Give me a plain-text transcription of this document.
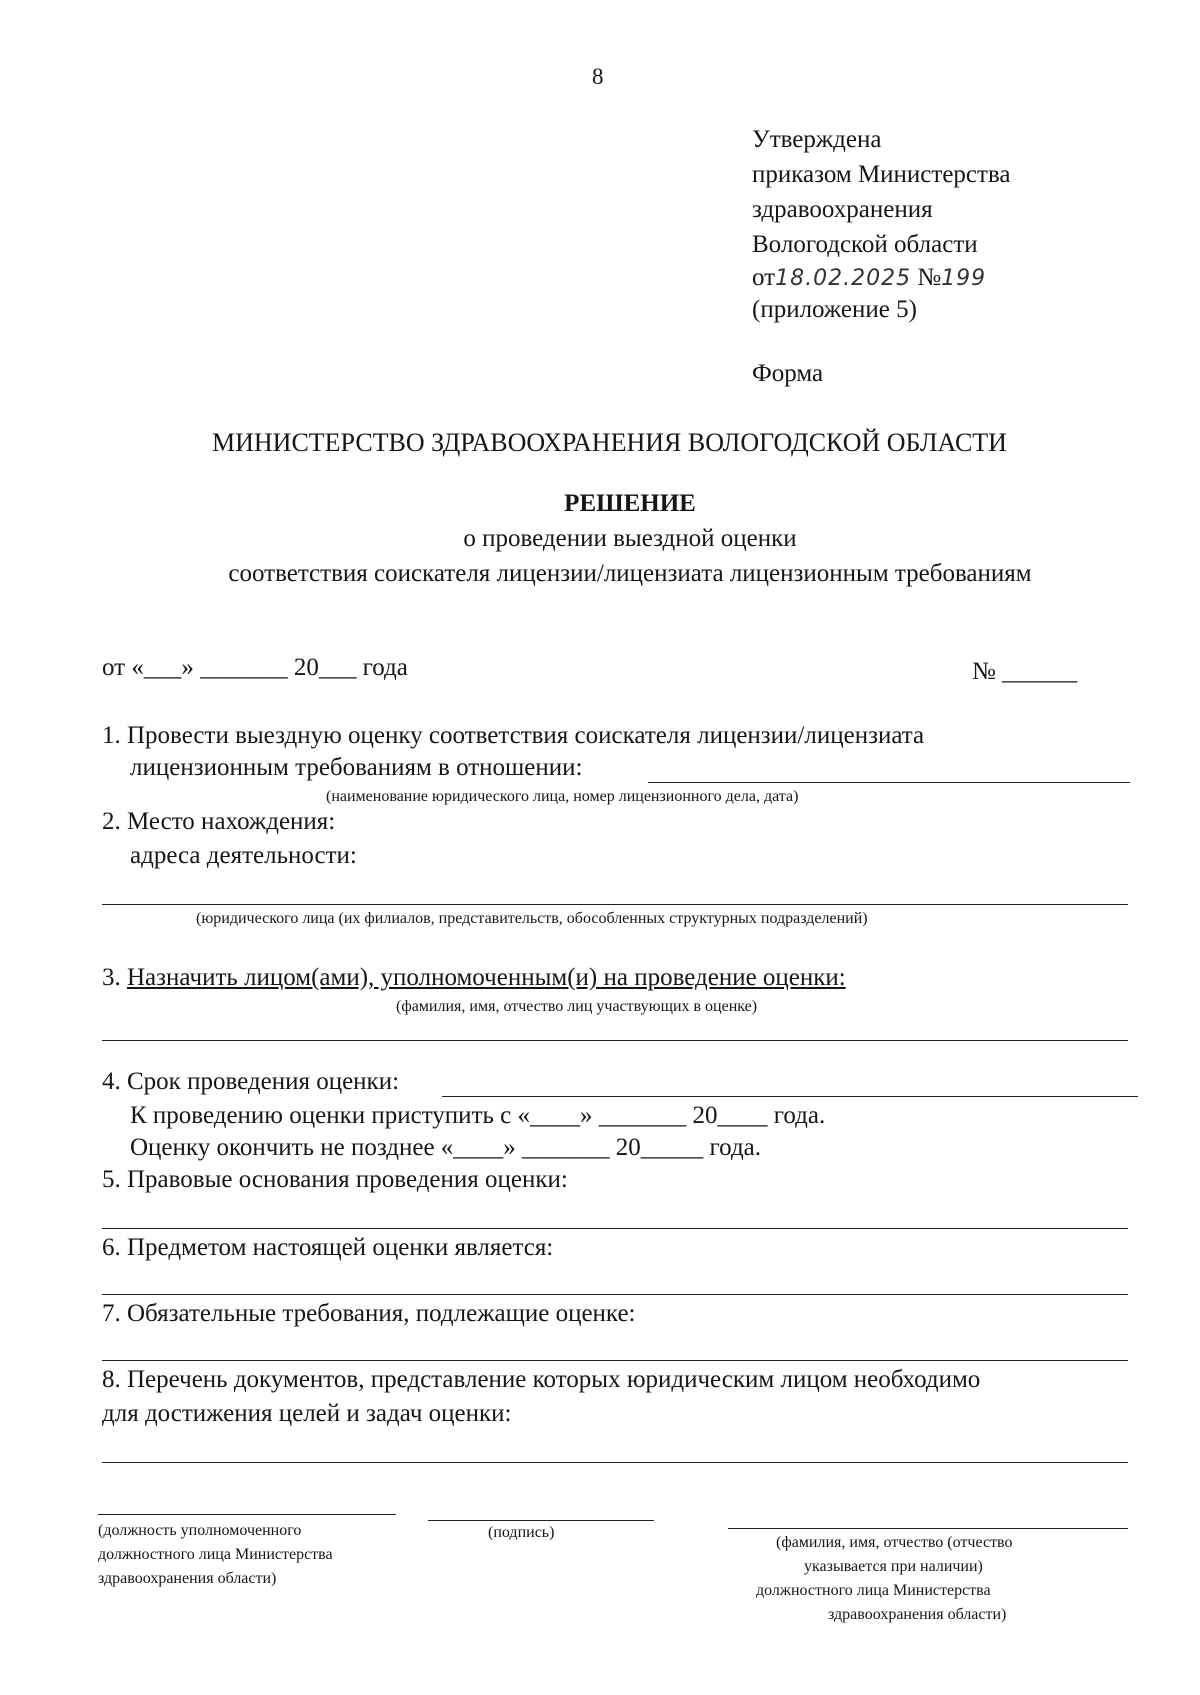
8
Утверждена
приказом Министерства
здравоохранения
Вологодской области
от18.02.2025 №199
(приложение 5)
Форма
МИНИСТЕРСТВО ЗДРАВООХРАНЕНИЯ ВОЛОГОДСКОЙ ОБЛАСТИ
РЕШЕНИЕ
о проведении выездной оценки
соответствия соискателя лицензии/лицензиата лицензионным требованиям
от «___» _______ 20___ года	№ ______
1. Провести выездную оценку соответствия соискателя лицензии/лицензиата
лицензионным требованиям в отношении:
(наименование юридического лица, номер лицензионного дела, дата)
2. Место нахождения:
адреса деятельности:
(юридического лица (их филиалов, представительств, обособленных структурных подразделений)
3. Назначить лицом(ами), уполномоченным(и) на проведение оценки:
(фамилия, имя, отчество лиц участвующих в оценке)
4. Срок проведения оценки:
К проведению оценки приступить с «____» _______ 20____ года.
Оценку окончить не позднее «____» _______ 20_____ года.
5. Правовые основания проведения оценки:
6. Предметом настоящей оценки является:
7. Обязательные требования, подлежащие оценке:
8. Перечень документов, представление которых юридическим лицом необходимо
для достижения целей и задач оценки:
(должность уполномоченного
должностного лица Министерства
здравоохранения области)
(подпись)
(фамилия, имя, отчество (отчество
указывается при наличии)
должностного лица Министерства
здравоохранения области)
